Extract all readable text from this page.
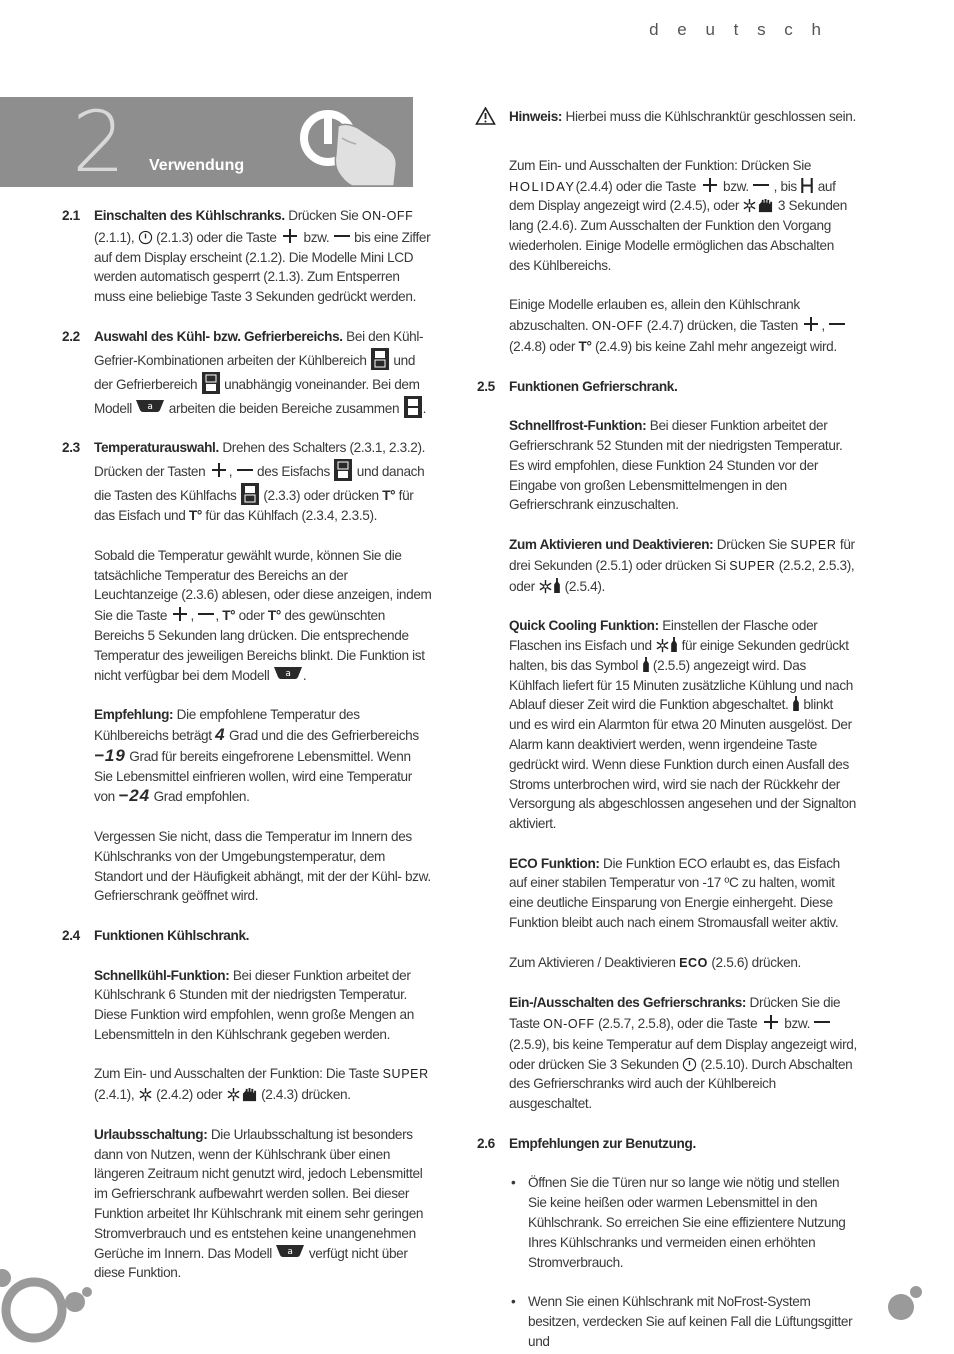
d e u t s c h
2 Verwendung
2.1 Einschalten des Kühlschranks. Drücken Sie ON-OFF (2.1.1),  (2.1.3) oder die Taste  bzw.  bis eine Ziffer auf dem Display erscheint (2.1.2). Die Modelle Mini LCD werden automatisch gesperrt (2.1.3). Zum Entsperren muss eine beliebige Taste 3 Sekunden gedrückt werden.
2.2 Auswahl des Kühl- bzw. Gefrierbereichs. Bei den Kühl-Gefrier-Kombinationen arbeiten der Kühlbereich  und der Gefrierbereich  unabhängig voneinander. Bei dem Modell  arbeiten die beiden Bereiche zusammen .
2.3 Temperaturauswahl. Drehen des Schalters (2.3.1, 2.3.2). Drücken der Tasten ,  des Eisfachs  und danach die Tasten des Kühlfachs  (2.3.3) oder drücken T° für das Eisfach und T° für das Kühlfach (2.3.4, 2.3.5).

Sobald die Temperatur gewählt wurde, können Sie die tatsächliche Temperatur des Bereichs an der Leuchtanzeige (2.3.6) ablesen, oder diese anzeigen, indem Sie die Taste , , T° oder T° des gewünschten Bereichs 5 Sekunden lang drücken. Die entsprechende Temperatur des jeweiligen Bereichs blinkt. Die Funktion ist nicht verfügbar bei dem Modell .

Empfehlung: Die empfohlene Temperatur des Kühlbereichs beträgt 4 Grad und die des Gefrierbereichs −19 Grad für bereits eingefrorene Lebensmittel. Wenn Sie Lebensmittel einfrieren wollen, wird eine Temperatur von −24 Grad empfohlen.

Vergessen Sie nicht, dass die Temperatur im Innern des Kühlschranks von der Umgebungstemperatur, dem Standort und der Häufigkeit abhängt, mit der der Kühl- bzw. Gefrierschrank geöffnet wird.

2.4 Funktionen Kühlschrank.

Schnellkühl-Funktion: Bei dieser Funktion arbeitet der Kühlschrank 6 Stunden mit der niedrigsten Temperatur. Diese Funktion wird empfohlen, wenn große Mengen an Lebensmitteln in den Kühlschrank gegeben werden.

Zum Ein- und Ausschalten der Funktion: Die Taste SUPER (2.4.1),  (2.4.2) oder  (2.4.3) drücken.

Urlaubsschaltung: Die Urlaubsschaltung ist besonders dann von Nutzen, wenn der Kühlschrank über einen längeren Zeitraum nicht genutzt wird, jedoch Lebensmittel im Gefrierschrank aufbewahrt werden sollen. Bei dieser Funktion arbeitet Ihr Kühlschrank mit einem sehr geringen Stromverbrauch und es entstehen keine unangenehmen Gerüche im Innern. Das Modell  verfügt nicht über diese Funktion.

Hinweis: Hierbei muss die Kühlschranktür geschlossen sein.

Zum Ein- und Ausschalten der Funktion: Drücken Sie HOLIDAY(2.4.4) oder die Taste  bzw.  , bis  auf dem Display angezeigt wird (2.4.5), oder  3 Sekunden lang (2.4.6). Zum Ausschalten der Funktion den Vorgang wiederholen. Einige Modelle ermöglichen das Abschalten des Kühlbereichs.

Einige Modelle erlauben es, allein den Kühlschrank abzuschalten. ON-OFF (2.4.7) drücken, die Tasten ,  (2.4.8) oder T° (2.4.9) bis keine Zahl mehr angezeigt wird.

2.5 Funktionen Gefrierschrank.

Schnellfrost-Funktion: Bei dieser Funktion arbeitet der Gefrierschrank 52 Stunden mit der niedrigsten Temperatur. Es wird empfohlen, diese Funktion 24 Stunden vor der Eingabe von großen Lebensmittelmengen in den Gefrierschrank einzuschalten.

Zum Aktivieren und Deaktivieren: Drücken Sie SUPER für drei Sekunden (2.5.1) oder drücken Si SUPER (2.5.2, 2.5.3), oder  (2.5.4).

Quick Cooling Funktion: Einstellen der Flasche oder Flaschen ins Eisfach und  für einige Sekunden gedrückt halten, bis das Symbol  (2.5.5) angezeigt wird. Das Kühlfach liefert für 15 Minuten zusätzliche Kühlung und nach Ablauf dieser Zeit wird die Funktion abgeschaltet.  blinkt und es wird ein Alarmton für etwa 20 Minuten ausgelöst. Der Alarm kann deaktiviert werden, wenn irgendeine Taste gedrückt wird. Wenn diese Funktion durch einen Ausfall des Stroms unterbrochen wird, wird sie nach der Rückkehr der Versorgung als abgeschlossen angesehen und der Signalton aktiviert.

ECO Funktion: Die Funktion ECO erlaubt es, das Eisfach auf einer stabilen Temperatur von -17 ºC zu halten, womit eine deutliche Einsparung von Energie einhergeht. Diese Funktion bleibt auch nach einem Stromausfall weiter aktiv.

Zum Aktivieren / Deaktivieren ECO (2.5.6) drücken.

Ein-/Ausschalten des Gefrierschranks: Drücken Sie die Taste ON-OFF (2.5.7, 2.5.8), oder die Taste  bzw.  (2.5.9), bis keine Temperatur auf dem Display angezeigt wird, oder drücken Sie 3 Sekunden  (2.5.10). Durch Abschalten des Gefrierschranks wird auch der Kühlbereich ausgeschaltet.

2.6 Empfehlungen zur Benutzung.

• Öffnen Sie die Türen nur so lange wie nötig und stellen Sie keine heißen oder warmen Lebensmittel in den Kühlschrank. So erreichen Sie eine effizientere Nutzung Ihres Kühlschranks und vermeiden einen erhöhten Stromverbrauch.
• Wenn Sie einen Kühlschrank mit NoFrost-System besitzen, verdecken Sie auf keinen Fall die Lüftungsgitter und
